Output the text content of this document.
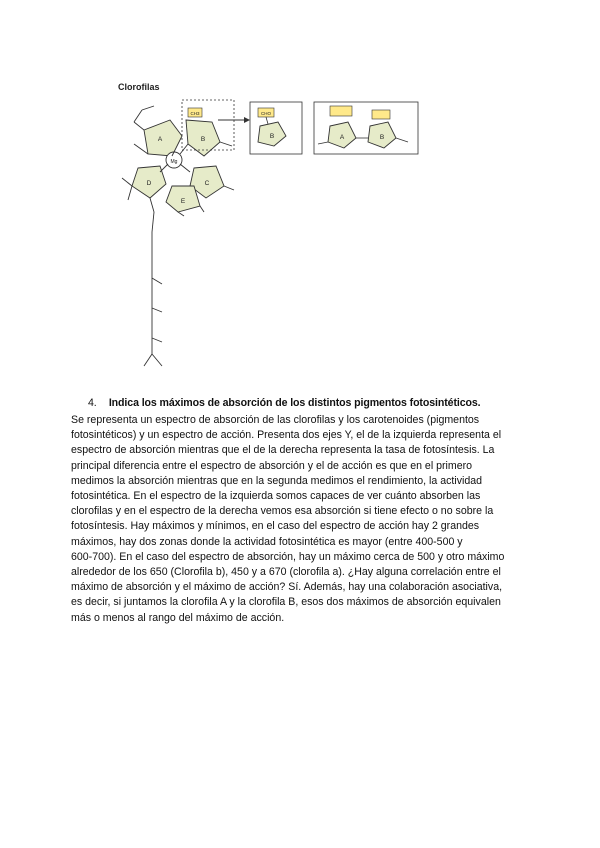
Clorofilas
A	B
C
D
E
Mg
CH3	CHO
B	A	B
4. Indica los máximos de absorción de los distintos pigmentos fotosintéticos.
Se representa un espectro de absorción de las clorofilas y los carotenoides (pigmentos
fotosintéticos) y un espectro de acción. Presenta dos ejes Y, el de la izquierda representa el
espectro de absorción mientras que el de la derecha representa la tasa de fotosíntesis. La
principal diferencia entre el espectro de absorción y el de acción es que en el primero
medimos la absorción mientras que en la segunda medimos el rendimiento, la actividad
fotosintética. En el espectro de la izquierda somos capaces de ver cuánto absorben las
clorofilas y en el espectro de la derecha vemos esa absorción si tiene efecto o no sobre la
fotosíntesis. Hay máximos y mínimos, en el caso del espectro de acción hay 2 grandes
máximos, hay dos zonas donde la actividad fotosintética es mayor (entre 400-500 y
600-700). En el caso del espectro de absorción, hay un máximo cerca de 500 y otro máximo
alrededor de los 650 (Clorofila b), 450 y a 670 (clorofila a). ¿Hay alguna correlación entre el
máximo de absorción y el máximo de acción? Sí. Además, hay una colaboración asociativa,
es decir, si juntamos la clorofila A y la clorofila B, esos dos máximos de absorción equivalen
más o menos al rango del máximo de acción.
